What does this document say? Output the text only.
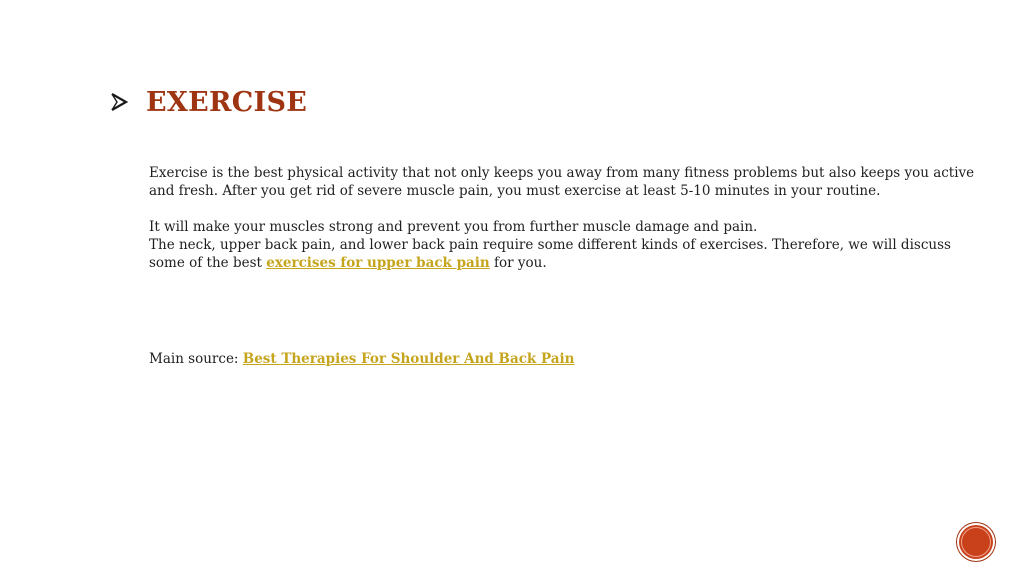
EXERCISE

Exercise is the best physical activity that not only keeps you away from many fitness problems but also keeps you active and fresh. After you get rid of severe muscle pain, you must exercise at least 5-10 minutes in your routine.

It will make your muscles strong and prevent you from further muscle damage and pain.

The neck, upper back pain, and lower back pain require some different kinds of exercises. Therefore, we will discuss some of the best exercises for upper back pain for you.

Main source: Best Therapies For Shoulder And Back Pain
